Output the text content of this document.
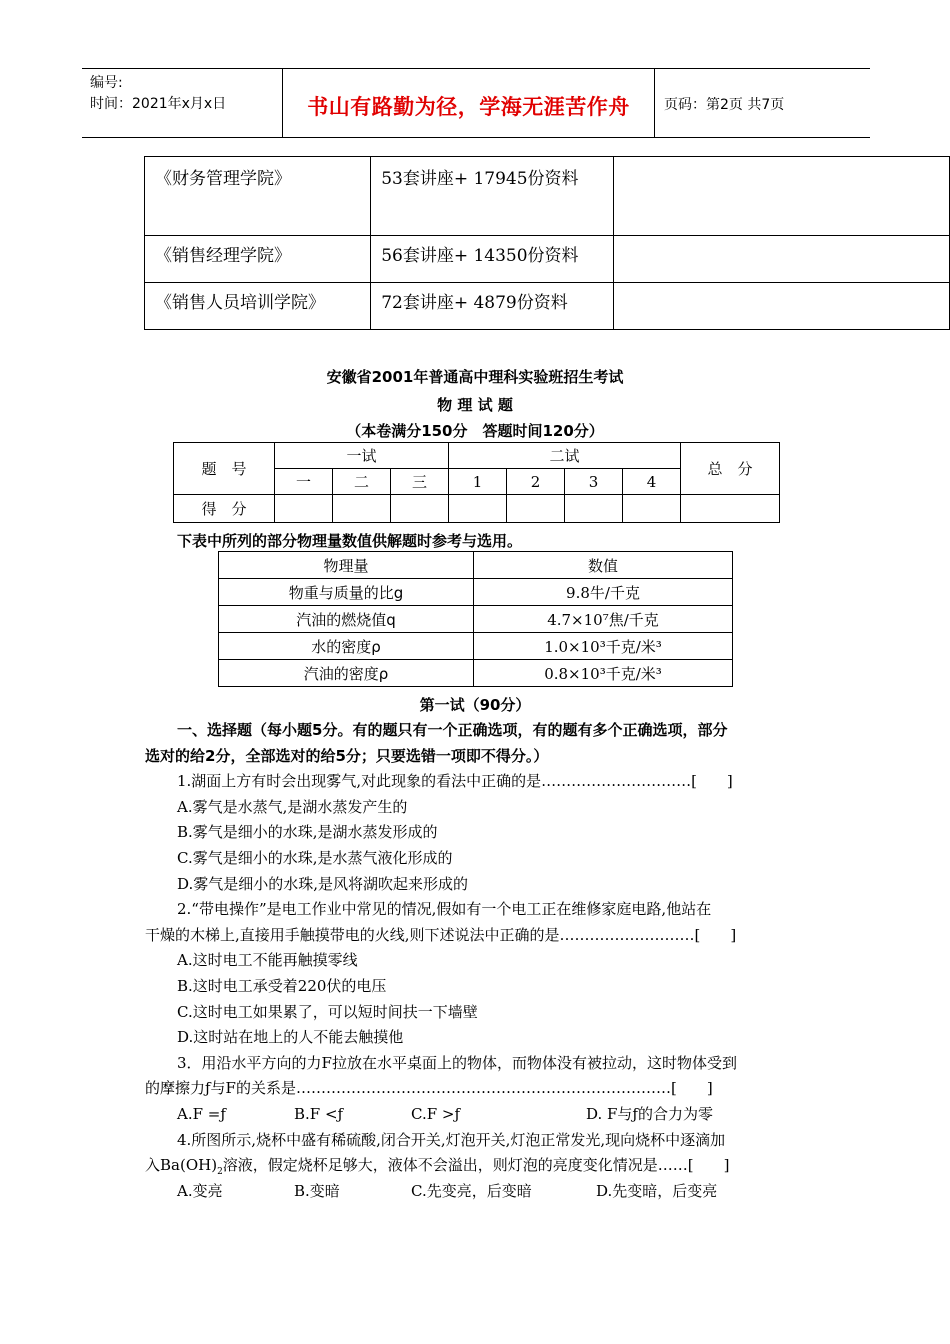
编号:
时间：2021年x月x日	书山有路勤为径，学海无涯苦作舟	页码：第2页 共7页
《财务管理学院》	53套讲座+ 17945份资料	
《销售经理学院》	56套讲座+ 14350份资料	
《销售人员培训学院》	72套讲座+ 4879份资料	
安徽省2001年普通高中理科实验班招生考试
物 理 试 题
（本卷满分150分　答题时间120分）
题　号	一试			二试				总　分
	一	二	三	1	2	3	4	
得　分								
下表中所列的部分物理量数值供解题时参考与选用。
物理量	数值
物重与质量的比g	9.8牛/千克
汽油的燃烧值q	4.7×10⁷焦/千克
水的密度ρ	1.0×10³千克/米³
汽油的密度ρ	0.8×10³千克/米³
第一试（90分）
一、选择题（每小题5分。有的题只有一个正确选项，有的题有多个正确选项，部分
选对的给2分，全部选对的给5分；只要选错一项即不得分。）
1.湖面上方有时会出现雾气,对此现象的看法中正确的是…………………………[　　]
A.雾气是水蒸气,是湖水蒸发产生的
B.雾气是细小的水珠,是湖水蒸发形成的
C.雾气是细小的水珠,是水蒸气液化形成的
D.雾气是细小的水珠,是风将湖吹起来形成的
2.“带电操作”是电工作业中常见的情况,假如有一个电工正在维修家庭电路,他站在
干燥的木梯上,直接用手触摸带电的火线,则下述说法中正确的是………………………[　　]
A.这时电工不能再触摸零线
B.这时电工承受着220伏的电压
C.这时电工如果累了，可以短时间扶一下墙壁
D.这时站在地上的人不能去触摸他
3．用沿水平方向的力F拉放在水平桌面上的物体，而物体没有被拉动，这时物体受到
的摩擦力ƒ与F的关系是…………………………………………………………………[　　]
A.F =ƒ	B.F <ƒ	C.F >ƒ	D. F与ƒ的合力为零
4.所图所示,烧杯中盛有稀硫酸,闭合开关,灯泡开关,灯泡正常发光,现向烧杯中逐滴加
入$Ba(OH)_2$溶液，假定烧杯足够大，液体不会溢出，则灯泡的亮度变化情况是……[　　]
A.变亮	B.变暗	C.先变亮，后变暗	D.先变暗，后变亮
